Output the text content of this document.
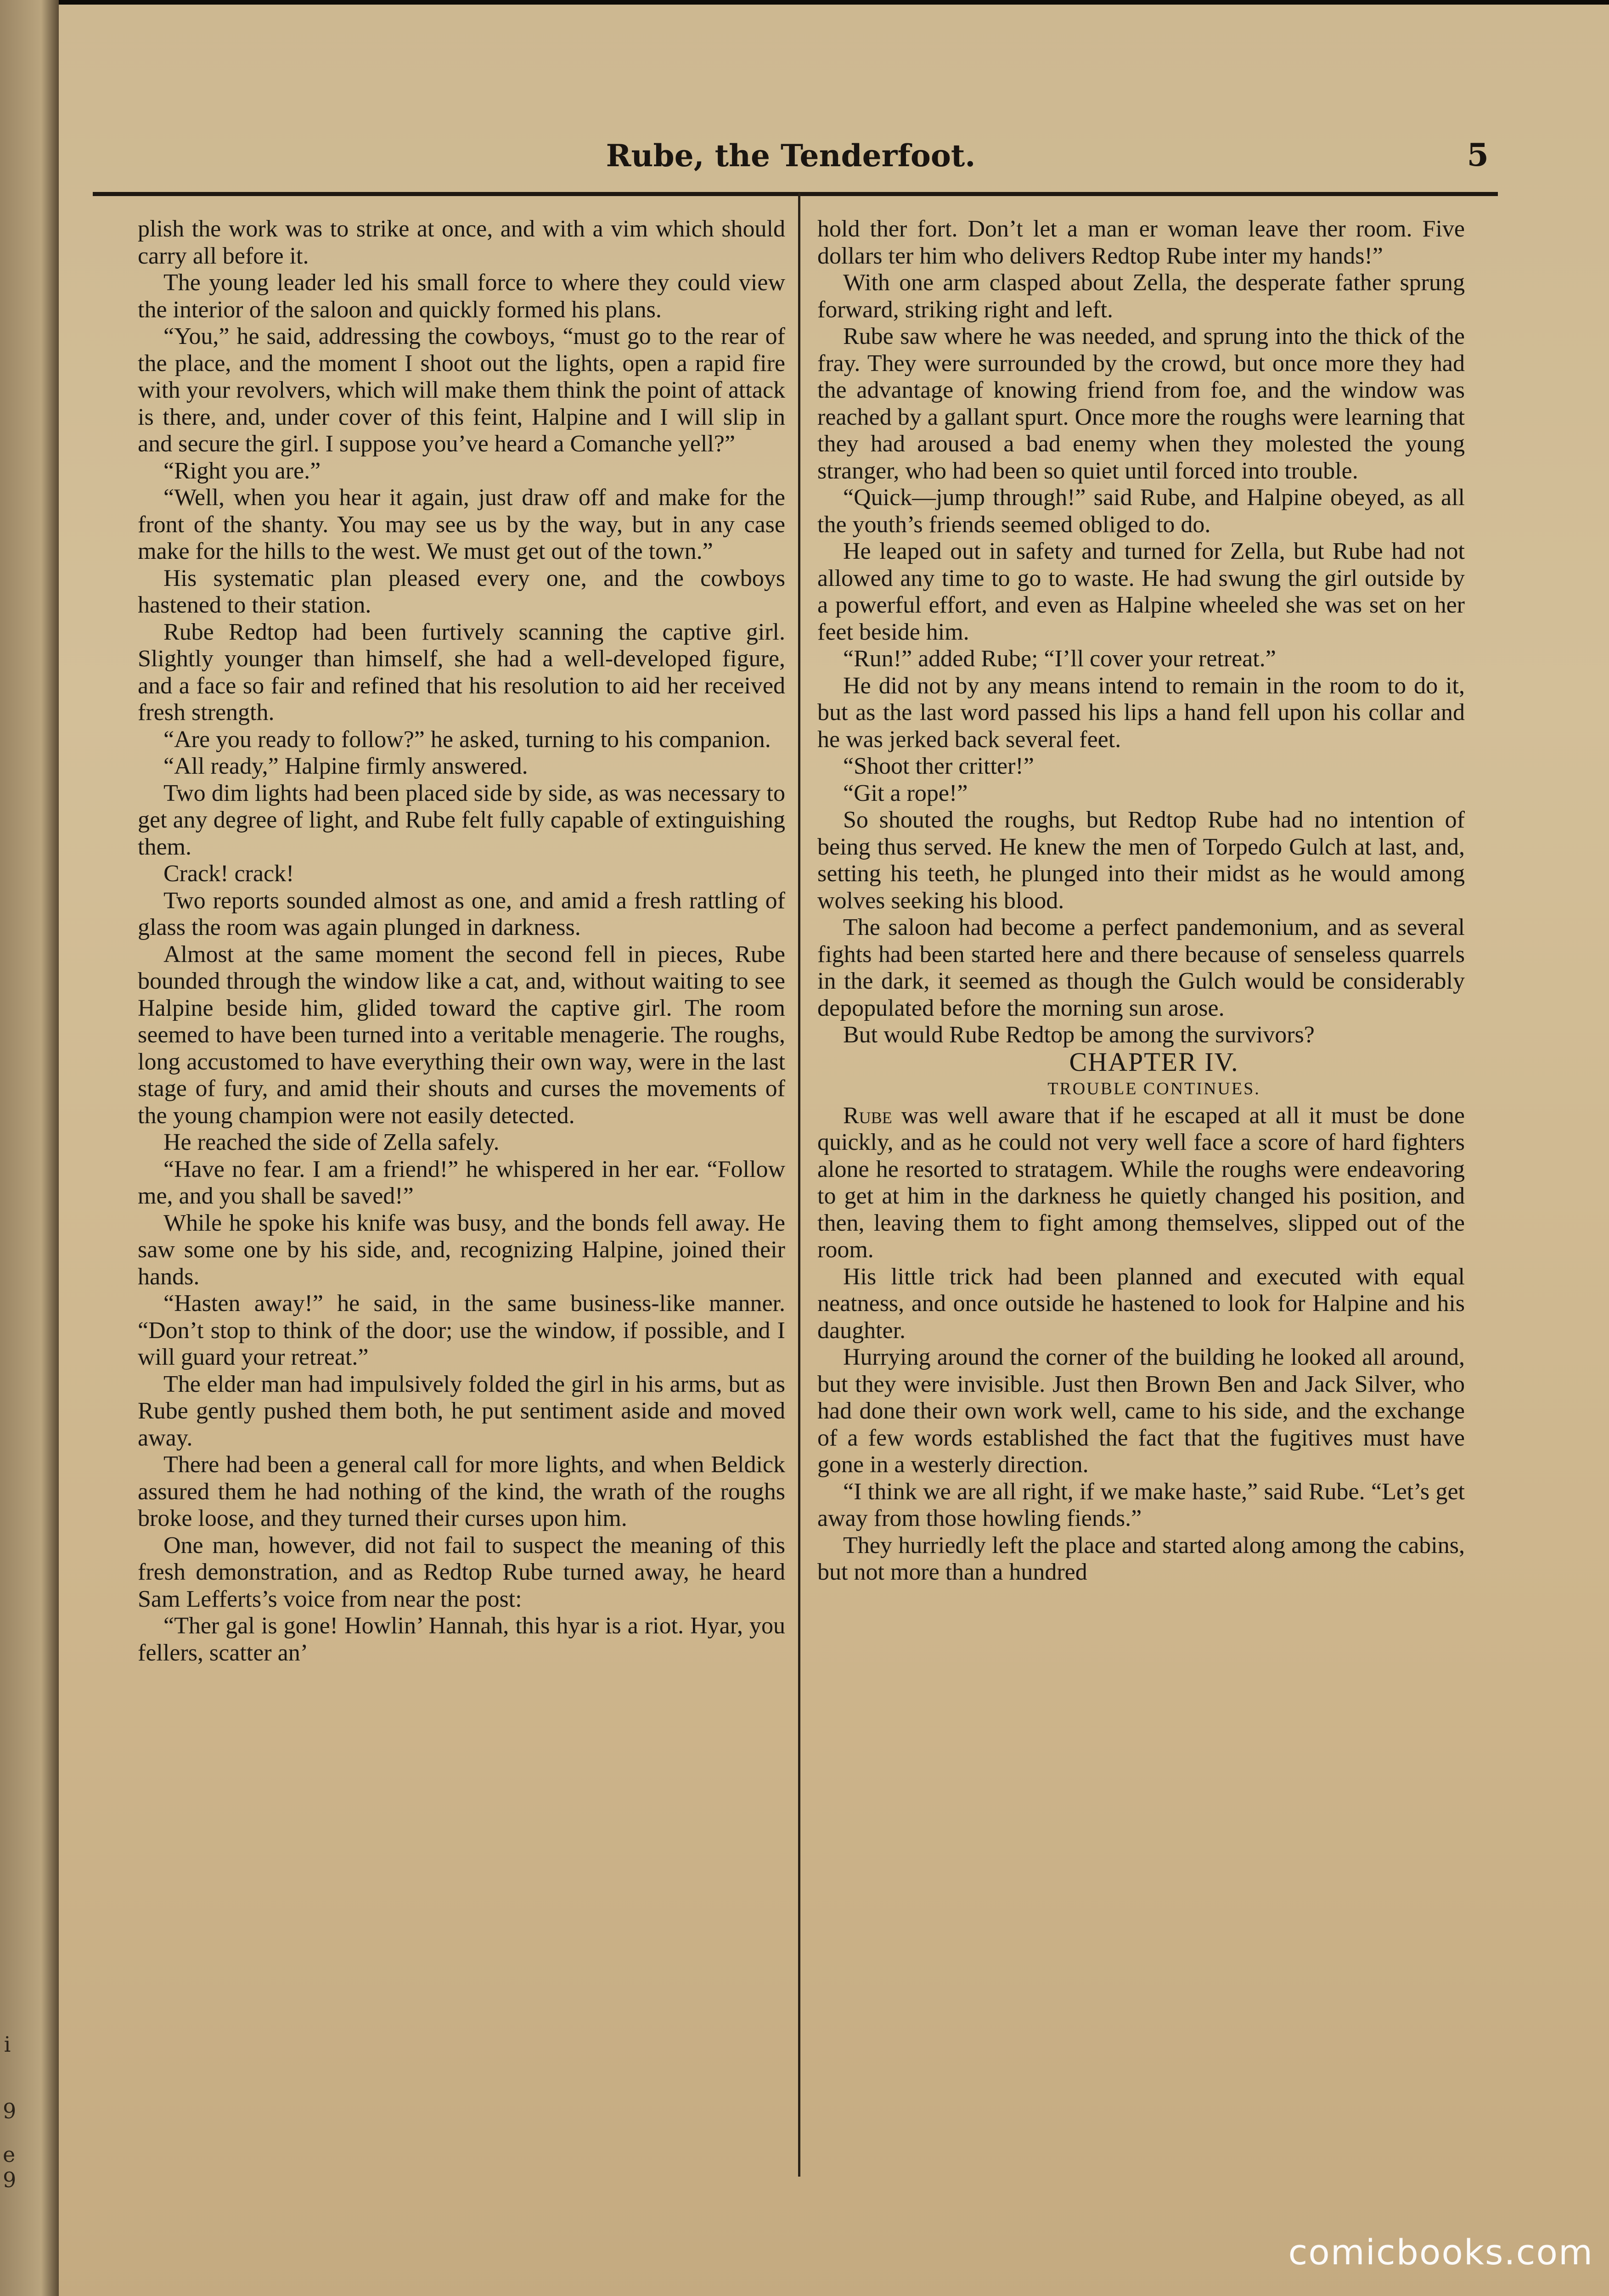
i
9
e
9
Rube, the Tenderfoot.	5

plish the work was to strike at once, and with a vim which should carry all before it.

The young leader led his small force to where they could view the interior of the saloon and quickly formed his plans.

“You,” he said, addressing the cowboys, “must go to the rear of the place, and the moment I shoot out the lights, open a rapid fire with your revolvers, which will make them think the point of attack is there, and, under cover of this feint, Halpine and I will slip in and secure the girl. I suppose you’ve heard a Comanche yell?”

“Right you are.”

“Well, when you hear it again, just draw off and make for the front of the shanty. You may see us by the way, but in any case make for the hills to the west. We must get out of the town.”

His systematic plan pleased every one, and the cowboys hastened to their station.

Rube Redtop had been furtively scanning the captive girl. Slightly younger than himself, she had a well-developed figure, and a face so fair and refined that his resolution to aid her received fresh strength.

“Are you ready to follow?” he asked, turning to his companion.

“All ready,” Halpine firmly answered.

Two dim lights had been placed side by side, as was necessary to get any degree of light, and Rube felt fully capable of extinguishing them.

Crack! crack!

Two reports sounded almost as one, and amid a fresh rattling of glass the room was again plunged in darkness.

Almost at the same moment the second fell in pieces, Rube bounded through the window like a cat, and, without waiting to see Halpine beside him, glided toward the captive girl. The room seemed to have been turned into a veritable menagerie. The roughs, long accustomed to have everything their own way, were in the last stage of fury, and amid their shouts and curses the movements of the young champion were not easily detected.

He reached the side of Zella safely.

“Have no fear. I am a friend!” he whispered in her ear. “Follow me, and you shall be saved!”

While he spoke his knife was busy, and the bonds fell away. He saw some one by his side, and, recognizing Halpine, joined their hands.

“Hasten away!” he said, in the same business-like manner. “Don’t stop to think of the door; use the window, if possible, and I will guard your retreat.”

The elder man had impulsively folded the girl in his arms, but as Rube gently pushed them both, he put sentiment aside and moved away.

There had been a general call for more lights, and when Beldick assured them he had nothing of the kind, the wrath of the roughs broke loose, and they turned their curses upon him.

One man, however, did not fail to suspect the meaning of this fresh demonstration, and as Redtop Rube turned away, he heard Sam Lefferts’s voice from near the post:

“Ther gal is gone! Howlin’ Hannah, this hyar is a riot. Hyar, you fellers, scatter an’

hold ther fort. Don’t let a man er woman leave ther room. Five dollars ter him who delivers Redtop Rube inter my hands!”

With one arm clasped about Zella, the desperate father sprung forward, striking right and left.

Rube saw where he was needed, and sprung into the thick of the fray. They were surrounded by the crowd, but once more they had the advantage of knowing friend from foe, and the window was reached by a gallant spurt. Once more the roughs were learning that they had aroused a bad enemy when they molested the young stranger, who had been so quiet until forced into trouble.

“Quick—jump through!” said Rube, and Halpine obeyed, as all the youth’s friends seemed obliged to do.

He leaped out in safety and turned for Zella, but Rube had not allowed any time to go to waste. He had swung the girl outside by a powerful effort, and even as Halpine wheeled she was set on her feet beside him.

“Run!” added Rube; “I’ll cover your retreat.”

He did not by any means intend to remain in the room to do it, but as the last word passed his lips a hand fell upon his collar and he was jerked back several feet.

“Shoot ther critter!”

“Git a rope!”

So shouted the roughs, but Redtop Rube had no intention of being thus served. He knew the men of Torpedo Gulch at last, and, setting his teeth, he plunged into their midst as he would among wolves seeking his blood.

The saloon had become a perfect pandemonium, and as several fights had been started here and there because of senseless quarrels in the dark, it seemed as though the Gulch would be considerably depopulated before the morning sun arose.

But would Rube Redtop be among the survivors?

CHAPTER IV.

TROUBLE CONTINUES.

Rube was well aware that if he escaped at all it must be done quickly, and as he could not very well face a score of hard fighters alone he resorted to stratagem. While the roughs were endeavoring to get at him in the darkness he quietly changed his position, and then, leaving them to fight among themselves, slipped out of the room.

His little trick had been planned and executed with equal neatness, and once outside he hastened to look for Halpine and his daughter.

Hurrying around the corner of the building he looked all around, but they were invisible. Just then Brown Ben and Jack Silver, who had done their own work well, came to his side, and the exchange of a few words established the fact that the fugitives must have gone in a westerly direction.

“I think we are all right, if we make haste,” said Rube. “Let’s get away from those howling fiends.”

They hurriedly left the place and started along among the cabins, but not more than a hundred

comicbooks.com
